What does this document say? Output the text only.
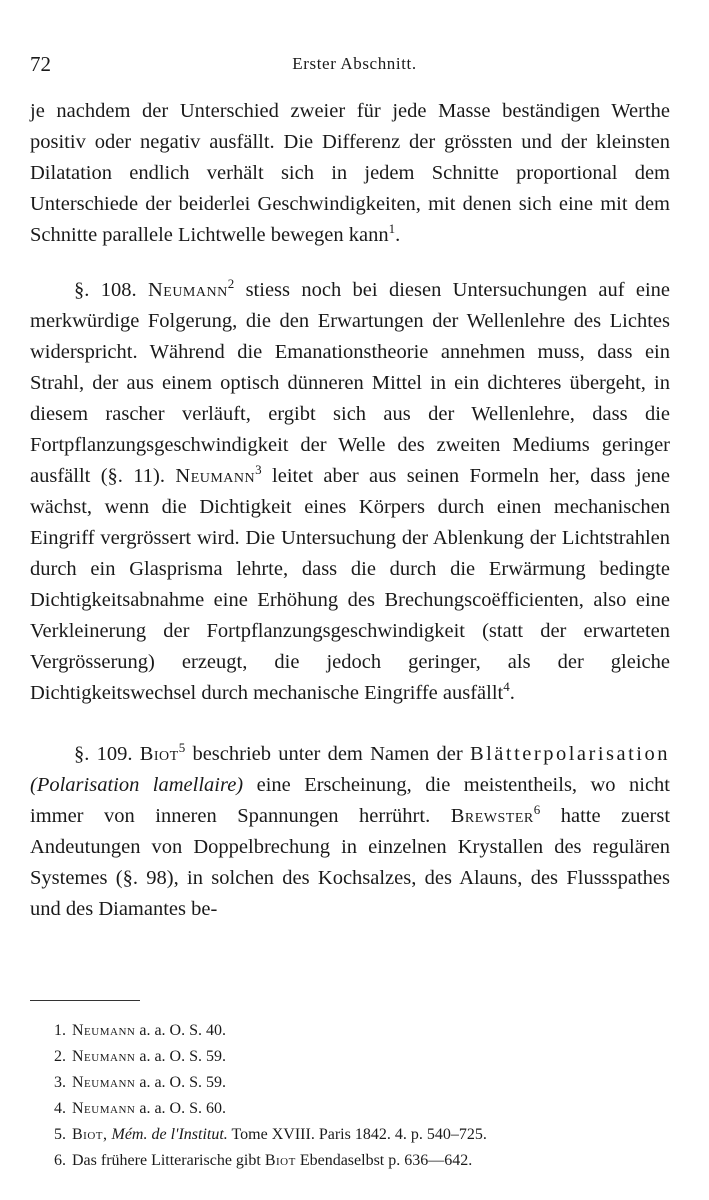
72	Erster Abschnitt.

je nachdem der Unterschied zweier für jede Masse beständigen Werthe positiv oder negativ ausfällt. Die Differenz der grössten und der kleinsten Dilatation endlich verhält sich in jedem Schnitte proportional dem Unterschiede der beiderlei Geschwindigkeiten, mit denen sich eine mit dem Schnitte parallele Lichtwelle bewegen kann$^1$.

§. 108. Neumann$^2$ stiess noch bei diesen Untersuchungen auf eine merkwürdige Folgerung, die den Erwartungen der Wellenlehre des Lichtes widerspricht. Während die Emanationstheorie annehmen muss, dass ein Strahl, der aus einem optisch dünneren Mittel in ein dichteres übergeht, in diesem rascher verläuft, ergibt sich aus der Wellenlehre, dass die Fortpflanzungsgeschwindigkeit der Welle des zweiten Mediums geringer ausfällt (§. 11). Neumann$^3$ leitet aber aus seinen Formeln her, dass jene wächst, wenn die Dichtigkeit eines Körpers durch einen mechanischen Eingriff vergrössert wird. Die Untersuchung der Ablenkung der Lichtstrahlen durch ein Glasprisma lehrte, dass die durch die Erwärmung bedingte Dichtigkeitsabnahme eine Erhöhung des Brechungscoëfficienten, also eine Verkleinerung der Fortpflanzungsgeschwindigkeit (statt der erwarteten Vergrösserung) erzeugt, die jedoch geringer, als der gleiche Dichtigkeitswechsel durch mechanische Eingriffe ausfällt$^4$.

§. 109. Biot$^5$ beschrieb unter dem Namen der Blätterpolarisation (Polarisation lamellaire) eine Erscheinung, die meistentheils, wo nicht immer von inneren Spannungen herrührt. Brewster$^6$ hatte zuerst Andeutungen von Doppelbrechung in einzelnen Krystallen des regulären Systemes (§. 98), in solchen des Kochsalzes, des Alauns, des Flussspathes und des Diamantes be-

1. Neumann a. a. O. S. 40.
2. Neumann a. a. O. S. 59.
3. Neumann a. a. O. S. 59.
4. Neumann a. a. O. S. 60.
5. Biot, Mém. de l'Institut. Tome XVIII. Paris 1842. 4. p. 540–725.
6. Das frühere Litterarische gibt Biot Ebendaselbst p. 636—642.
